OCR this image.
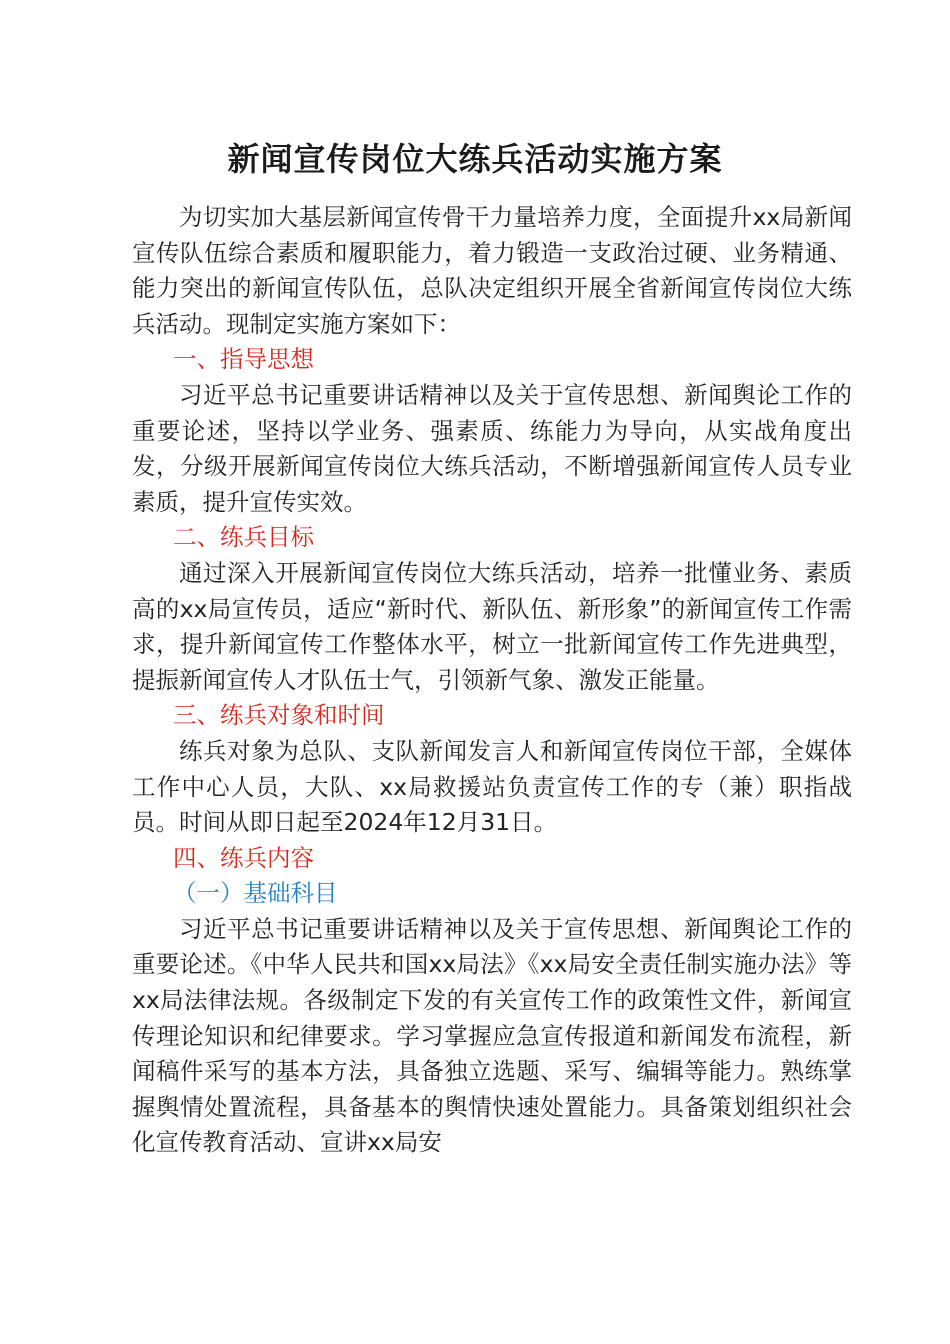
新闻宣传岗位大练兵活动实施方案

为切实加大基层新闻宣传骨干力量培养力度，全面提升xx局新闻宣传队伍综合素质和履职能力，着力锻造一支政治过硬、业务精通、能力突出的新闻宣传队伍，总队决定组织开展全省新闻宣传岗位大练兵活动。现制定实施方案如下：

一、指导思想

习近平总书记重要讲话精神以及关于宣传思想、新闻舆论工作的重要论述，坚持以学业务、强素质、练能力为导向，从实战角度出发，分级开展新闻宣传岗位大练兵活动，不断增强新闻宣传人员专业素质，提升宣传实效。

二、练兵目标

通过深入开展新闻宣传岗位大练兵活动，培养一批懂业务、素质高的xx局宣传员，适应“新时代、新队伍、新形象”的新闻宣传工作需求，提升新闻宣传工作整体水平，树立一批新闻宣传工作先进典型，提振新闻宣传人才队伍士气，引领新气象、激发正能量。

三、练兵对象和时间

练兵对象为总队、支队新闻发言人和新闻宣传岗位干部，全媒体工作中心人员，大队、xx局救援站负责宣传工作的专（兼）职指战员。时间从即日起至2024年12月31日。

四、练兵内容

（一）基础科目

习近平总书记重要讲话精神以及关于宣传思想、新闻舆论工作的重要论述。《中华人民共和国xx局法》《xx局安全责任制实施办法》等xx局法律法规。各级制定下发的有关宣传工作的政策性文件，新闻宣传理论知识和纪律要求。学习掌握应急宣传报道和新闻发布流程，新闻稿件采写的基本方法，具备独立选题、采写、编辑等能力。熟练掌握舆情处置流程，具备基本的舆情快速处置能力。具备策划组织社会化宣传教育活动、宣讲xx局安
